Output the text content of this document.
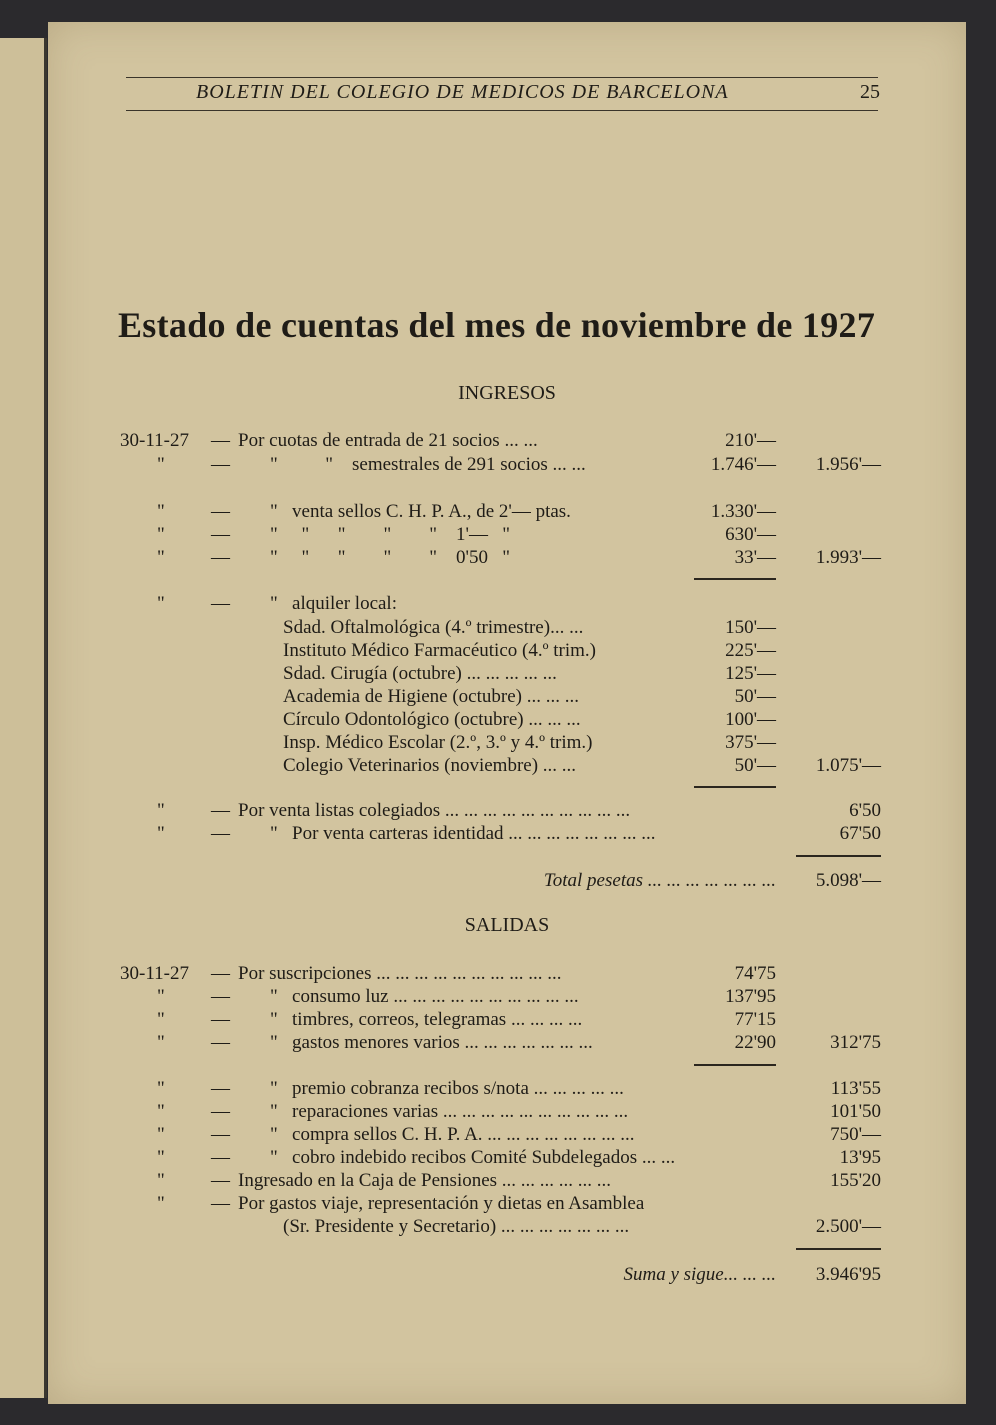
BOLETIN DEL COLEGIO DE MEDICOS DE BARCELONA	25
Estado de cuentas del mes de noviembre de 1927
INGRESOS
30-11-27 — Por cuotas de entrada de 21 socios ... ...	210'—
" — "          "    semestrales de 291 socios ... ...	1.746'— 1.956'—
" — "   venta sellos C. H. P. A., de 2'— ptas.	1.330'—
" — "     "      "        "        "    1'—   "	630'—
" — "     "      "        "        "    0'50   "	33'— 1.993'—
" — "   alquiler local:
Sdad. Oftalmológica (4.º trimestre)... ...	150'—
Instituto Médico Farmacéutico (4.º trim.)	225'—
Sdad. Cirugía (octubre) ... ... ... ... ...	125'—
Academia de Higiene (octubre) ... ... ...	50'—
Círculo Odontológico (octubre) ... ... ...	100'—
Insp. Médico Escolar (2.º, 3.º y 4.º trim.)	375'—
Colegio Veterinarios (noviembre) ... ...	50'— 1.075'—
" — Por venta listas colegiados ... ... ... ... ... ... ... ... ... ...	6'50
" — "   Por venta carteras identidad ... ... ... ... ... ... ... ...	67'50
Total pesetas ... ... ... ... ... ... ... 5.098'—
SALIDAS
30-11-27 — Por suscripciones ... ... ... ... ... ... ... ... ... ...	74'75
" — "   consumo luz ... ... ... ... ... ... ... ... ... ...	137'95
" — "   timbres, correos, telegramas ... ... ... ...	77'15
" — "   gastos menores varios ... ... ... ... ... ... ...	22'90	312'75
" — "   premio cobranza recibos s/nota ... ... ... ... ...	113'55
" — "   reparaciones varias ... ... ... ... ... ... ... ... ... ...	101'50
" — "   compra sellos C. H. P. A. ... ... ... ... ... ... ... ...	750'—
" — "   cobro indebido recibos Comité Subdelegados ... ...	13'95
" — Ingresado en la Caja de Pensiones ... ... ... ... ... ...	155'20
" — Por gastos viaje, representación y dietas en Asamblea
(Sr. Presidente y Secretario) ... ... ... ... ... ... ...	2.500'—
Suma y sigue... ... ... 3.946'95
